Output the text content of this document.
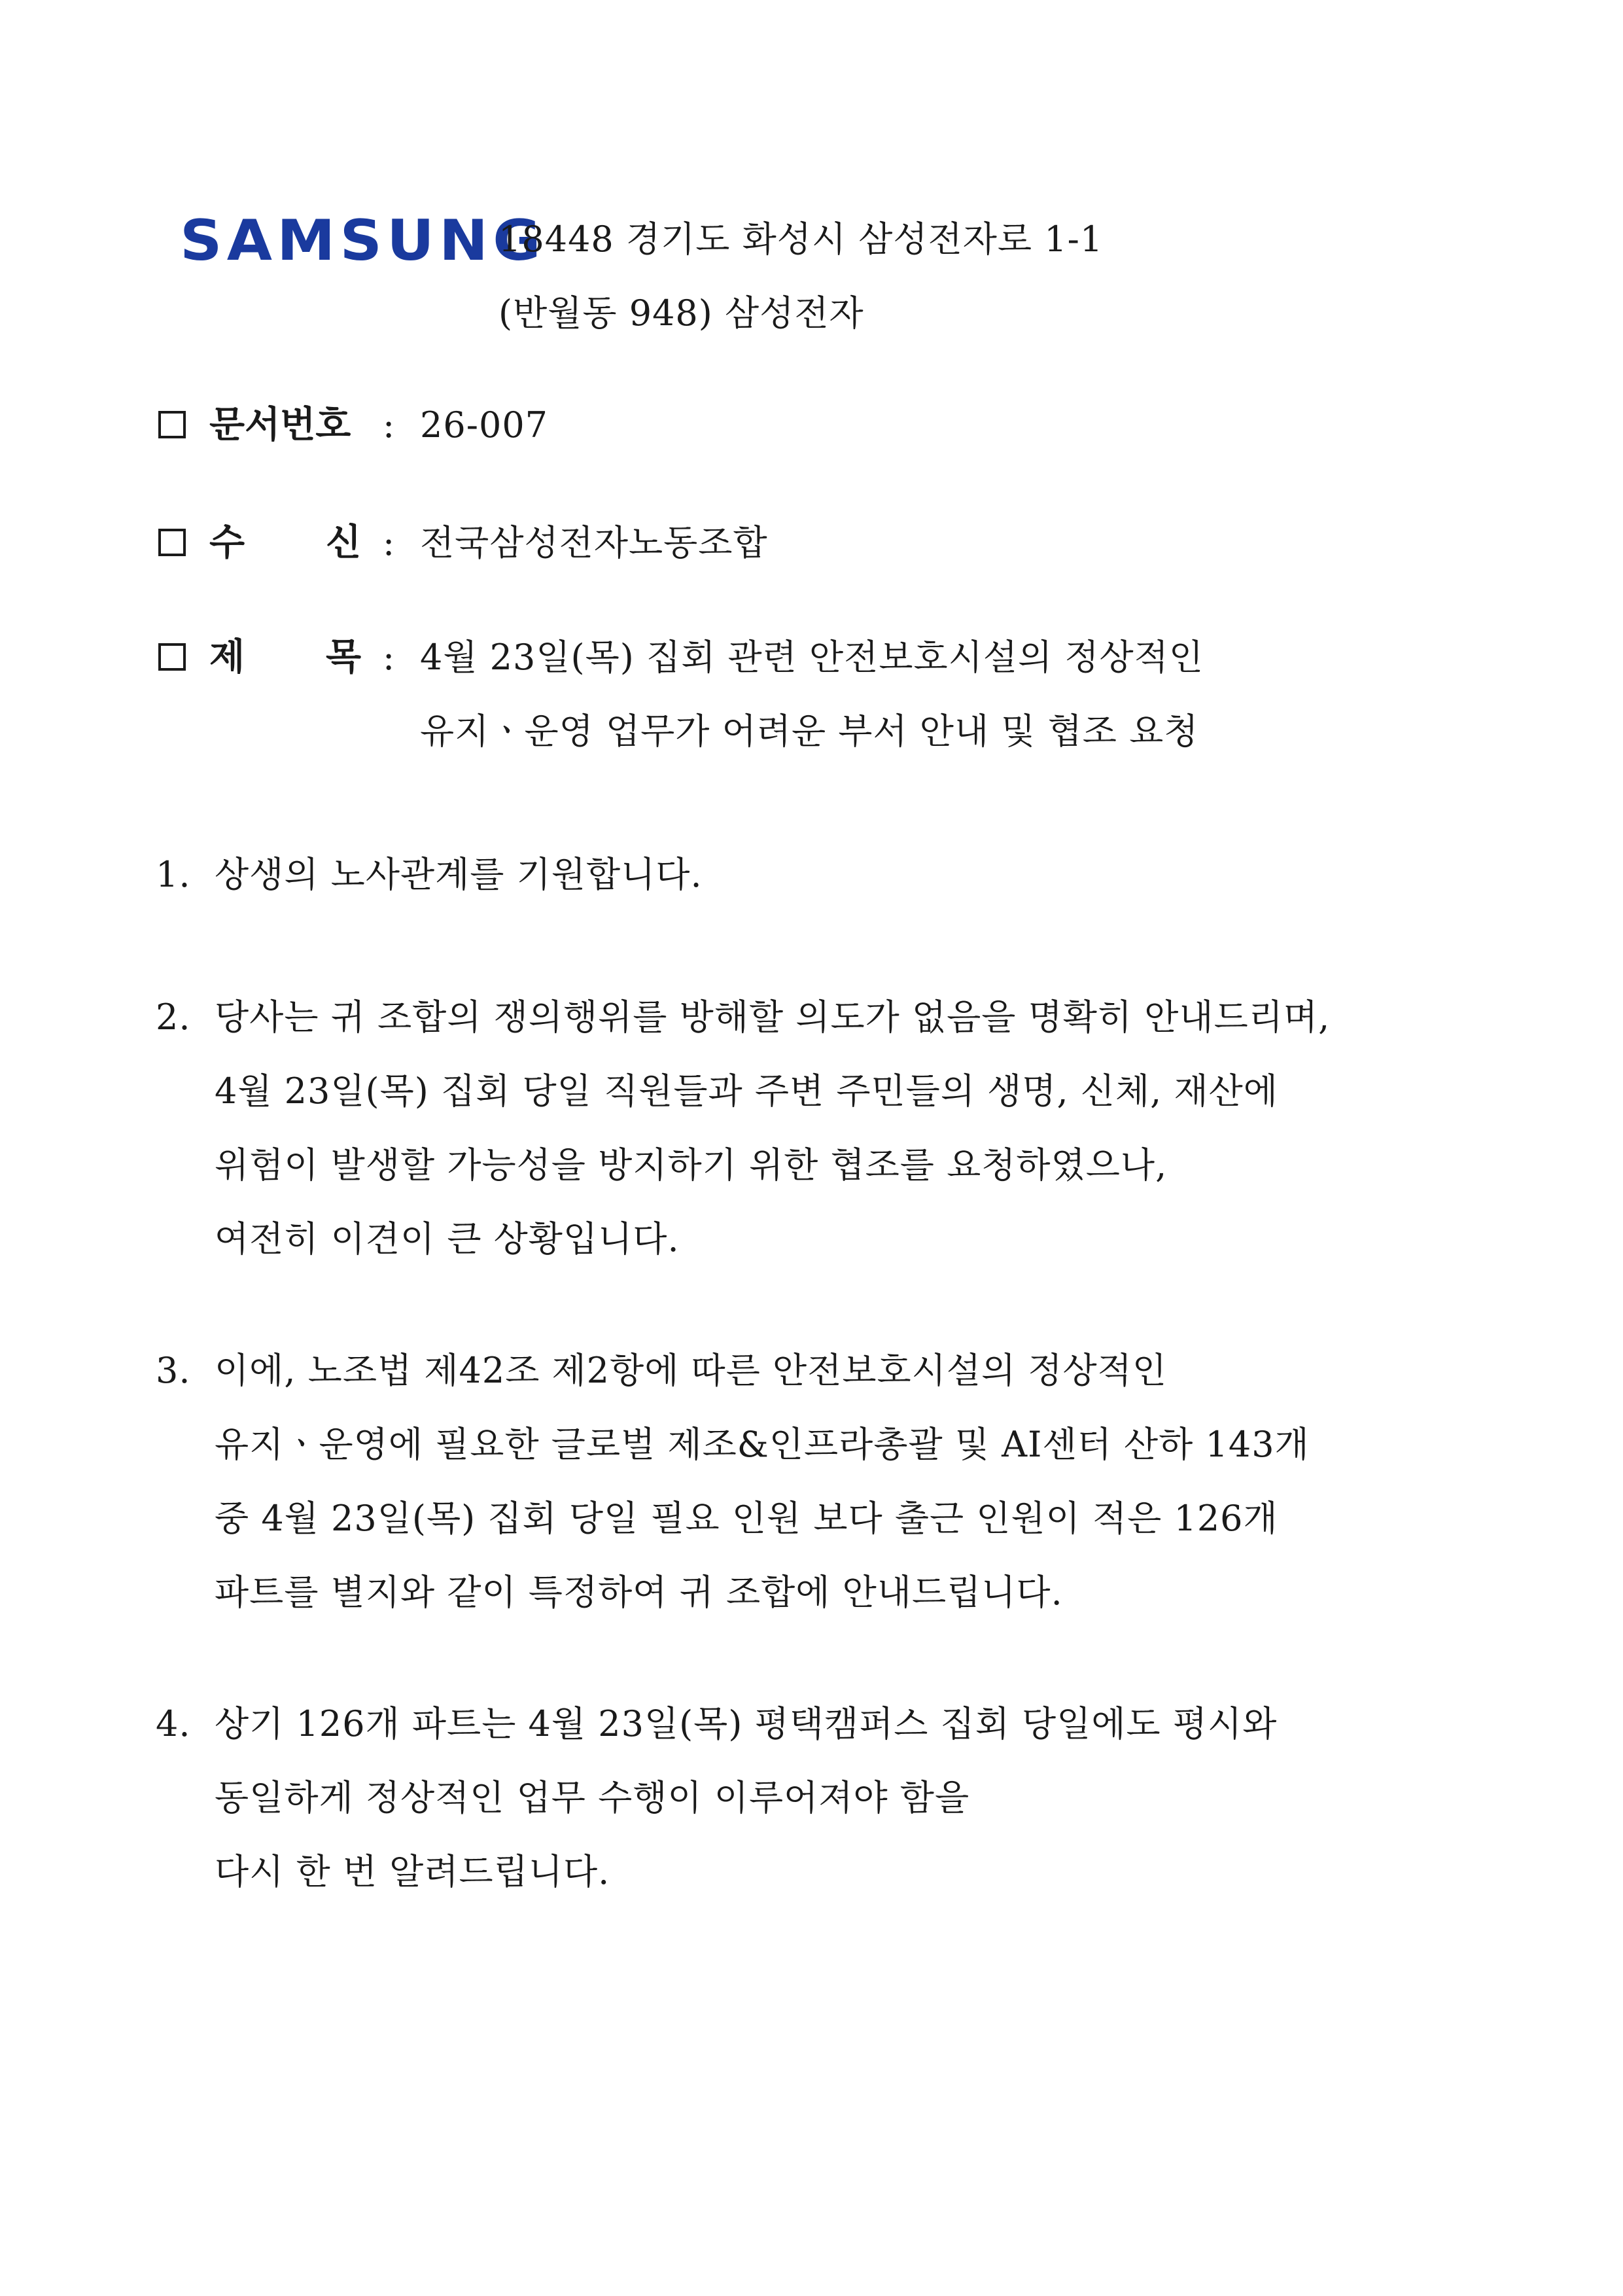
SAMSUNG
18448 경기도 화성시 삼성전자로 1-1
(반월동 948) 삼성전자
문서번호 : 26-007
수 신 : 전국삼성전자노동조합
제 목 : 4월 23일(목) 집회 관련 안전보호시설의 정상적인
유지ㆍ운영 업무가 어려운 부서 안내 및 협조 요청
1. 상생의 노사관계를 기원합니다.
2. 당사는 귀 조합의 쟁의행위를 방해할 의도가 없음을 명확히 안내드리며,
4월 23일(목) 집회 당일 직원들과 주변 주민들의 생명, 신체, 재산에
위험이 발생할 가능성을 방지하기 위한 협조를 요청하였으나,
여전히 이견이 큰 상황입니다.
3. 이에, 노조법 제42조 제2항에 따른 안전보호시설의 정상적인
유지ㆍ운영에 필요한 글로벌 제조&인프라총괄 및 AI센터 산하 143개
중 4월 23일(목) 집회 당일 필요 인원 보다 출근 인원이 적은 126개
파트를 별지와 같이 특정하여 귀 조합에 안내드립니다.
4. 상기 126개 파트는 4월 23일(목) 평택캠퍼스 집회 당일에도 평시와
동일하게 정상적인 업무 수행이 이루어져야 함을
다시 한 번 알려드립니다.
